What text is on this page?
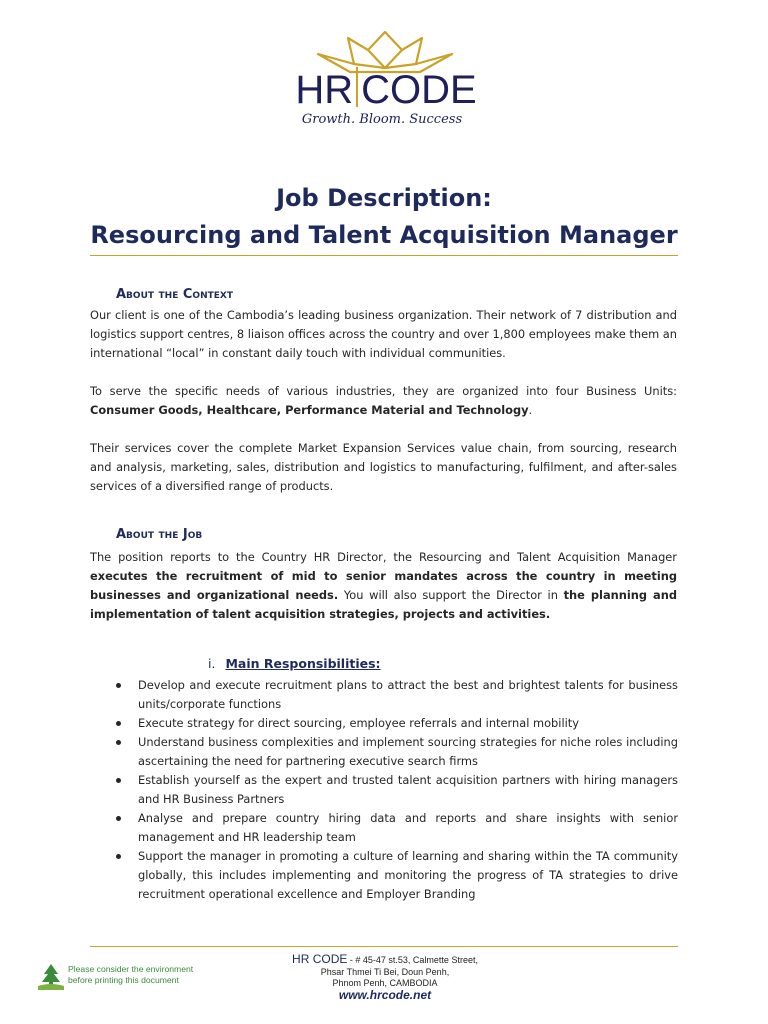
HR CODE
Growth. Bloom. Success
Job Description:
Resourcing and Talent Acquisition Manager
About the Context

Our client is one of the Cambodia’s leading business organization. Their network of 7 distribution and logistics support centres, 8 liaison offices across the country and over 1,800 employees make them an international “local” in constant daily touch with individual communities.

To serve the specific needs of various industries, they are organized into four Business Units: Consumer Goods, Healthcare, Performance Material and Technology.

Their services cover the complete Market Expansion Services value chain, from sourcing, research and analysis, marketing, sales, distribution and logistics to manufacturing, fulfilment, and after-sales services of a diversified range of products.

About the Job

The position reports to the Country HR Director, the Resourcing and Talent Acquisition Manager executes the recruitment of mid to senior mandates across the country in meeting businesses and organizational needs. You will also support the Director in the planning and implementation of talent acquisition strategies, projects and activities.

i. Main Responsibilities:
Develop and execute recruitment plans to attract the best and brightest talents for business units/corporate functions
Execute strategy for direct sourcing, employee referrals and internal mobility
Understand business complexities and implement sourcing strategies for niche roles including ascertaining the need for partnering executive search firms
Establish yourself as the expert and trusted talent acquisition partners with hiring managers and HR Business Partners
Analyse and prepare country hiring data and reports and share insights with senior management and HR leadership team
Support the manager in promoting a culture of learning and sharing within the TA community globally, this includes implementing and monitoring the progress of TA strategies to drive recruitment operational excellence and Employer Branding
Please consider the environment
before printing this document
HR CODE - # 45-47 st.53, Calmette Street,
Phsar Thmei Ti Bei, Doun Penh,
Phnom Penh, CAMBODIA
www.hrcode.net
